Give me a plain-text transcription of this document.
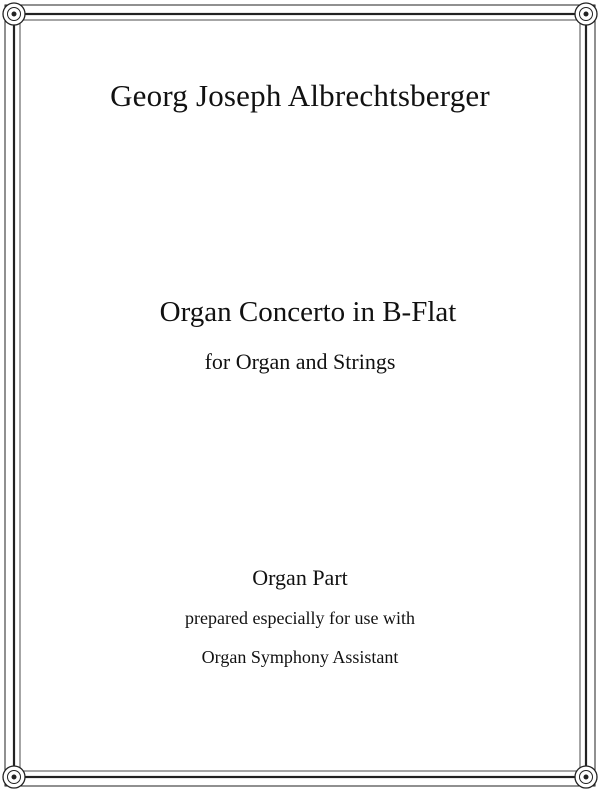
Georg Joseph Albrechtsberger
Organ Concerto in B-Flat
for Organ and Strings
Organ Part
prepared especially for use with
Organ Symphony Assistant
